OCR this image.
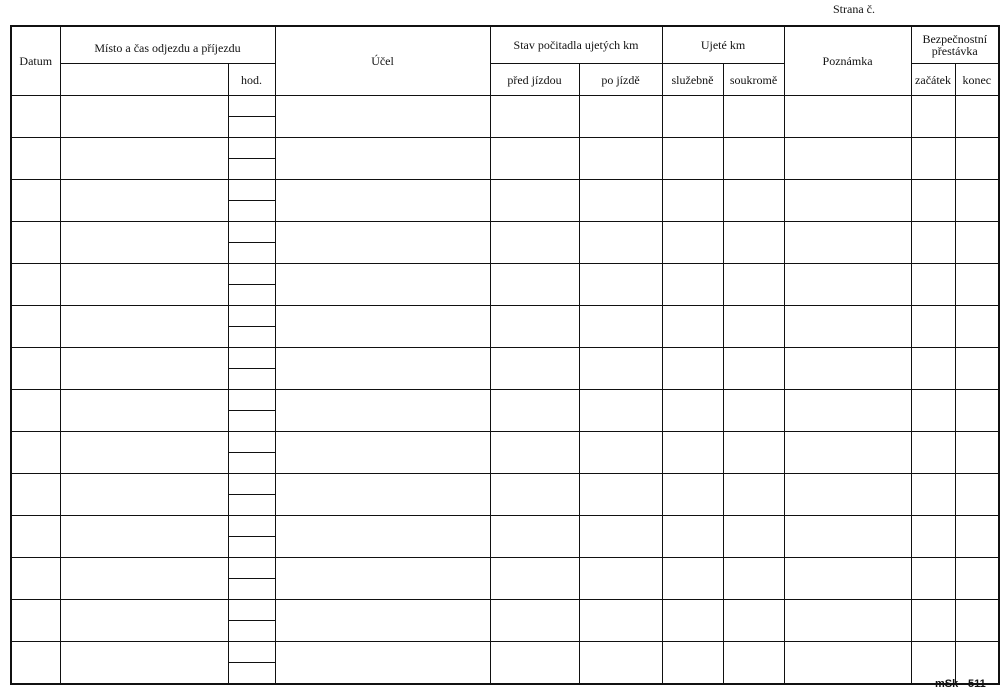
Strana č.
Datum	Místo a čas odjezdu a příjezdu		Účel	Stav počitadla ujetých km		Ujeté km		Poznámka	Bezpečnostní přestávka	
		hod.		před jízdou	po jízdě	služebně	soukromě		začátek	konec

mSk - 511
